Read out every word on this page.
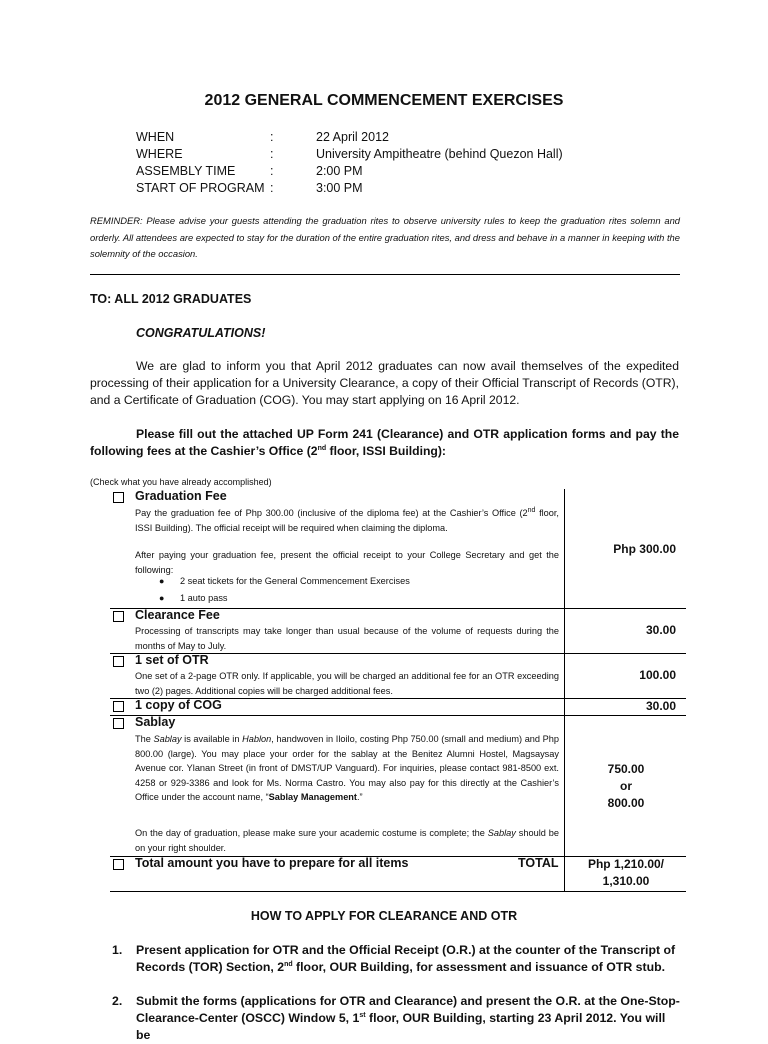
2012 GENERAL COMMENCEMENT EXERCISES
WHEN	:	22 April 2012
WHERE	:	University Ampitheatre (behind Quezon Hall)
ASSEMBLY TIME	:	2:00 PM
START OF PROGRAM :	3:00 PM
REMINDER: Please advise your guests attending the graduation rites to observe university rules to keep the graduation rites solemn and orderly. All attendees are expected to stay for the duration of the entire graduation rites, and dress and behave in a manner in keeping with the solemnity of the occasion.
TO: ALL 2012 GRADUATES
CONGRATULATIONS!
We are glad to inform you that April 2012 graduates can now avail themselves of the expedited processing of their application for a University Clearance, a copy of their Official Transcript of Records (OTR), and a Certificate of Graduation (COG). You may start applying on 16 April 2012.
Please fill out the attached UP Form 241 (Clearance) and OTR application forms and pay the following fees at the Cashier’s Office (2nd floor, ISSI Building):
(Check what you have already accomplished)
Graduation Fee

Pay the graduation fee of Php 300.00 (inclusive of the diploma fee) at the Cashier’s Office (2nd floor, ISSI Building). The official receipt will be required when claiming the diploma.

After paying your graduation fee, present the official receipt to your College Secretary and get the following:
● 2 seat tickets for the General Commencement Exercises
● 1 auto pass
Php 300.00
Clearance Fee
Processing of transcripts may take longer than usual because of the volume of requests during the months of May to July.
30.00
1 set of OTR
One set of a 2-page OTR only. If applicable, you will be charged an additional fee for an OTR exceeding two (2) pages. Additional copies will be charged additional fees.
100.00
1 copy of COG	30.00
Sablay
The Sablay is available in Hablon, handwoven in Iloilo, costing Php 750.00 (small and medium) and Php 800.00 (large). You may place your order for the sablay at the Benitez Alumni Hostel, Magsaysay Avenue cor. Ylanan Street (in front of DMST/UP Vanguard). For inquiries, please contact 981-8500 ext. 4258 or 929-3386 and look for Ms. Norma Castro. You may also pay for this directly at the Cashier’s Office under the account name, “Sablay Management.”
On the day of graduation, please make sure your academic costume is complete; the Sablay should be on your right shoulder.
750.00
or
800.00
Total amount you have to prepare for all items	TOTAL	Php 1,210.00/
1,310.00
HOW TO APPLY FOR CLEARANCE AND OTR
1. Present application for OTR and the Official Receipt (O.R.) at the counter of the Transcript of Records (TOR) Section, 2nd floor, OUR Building, for assessment and issuance of OTR stub.
2. Submit the forms (applications for OTR and Clearance) and present the O.R. at the One-Stop-Clearance-Center (OSCC) Window 5, 1st floor, OUR Building, starting 23 April 2012. You will be
